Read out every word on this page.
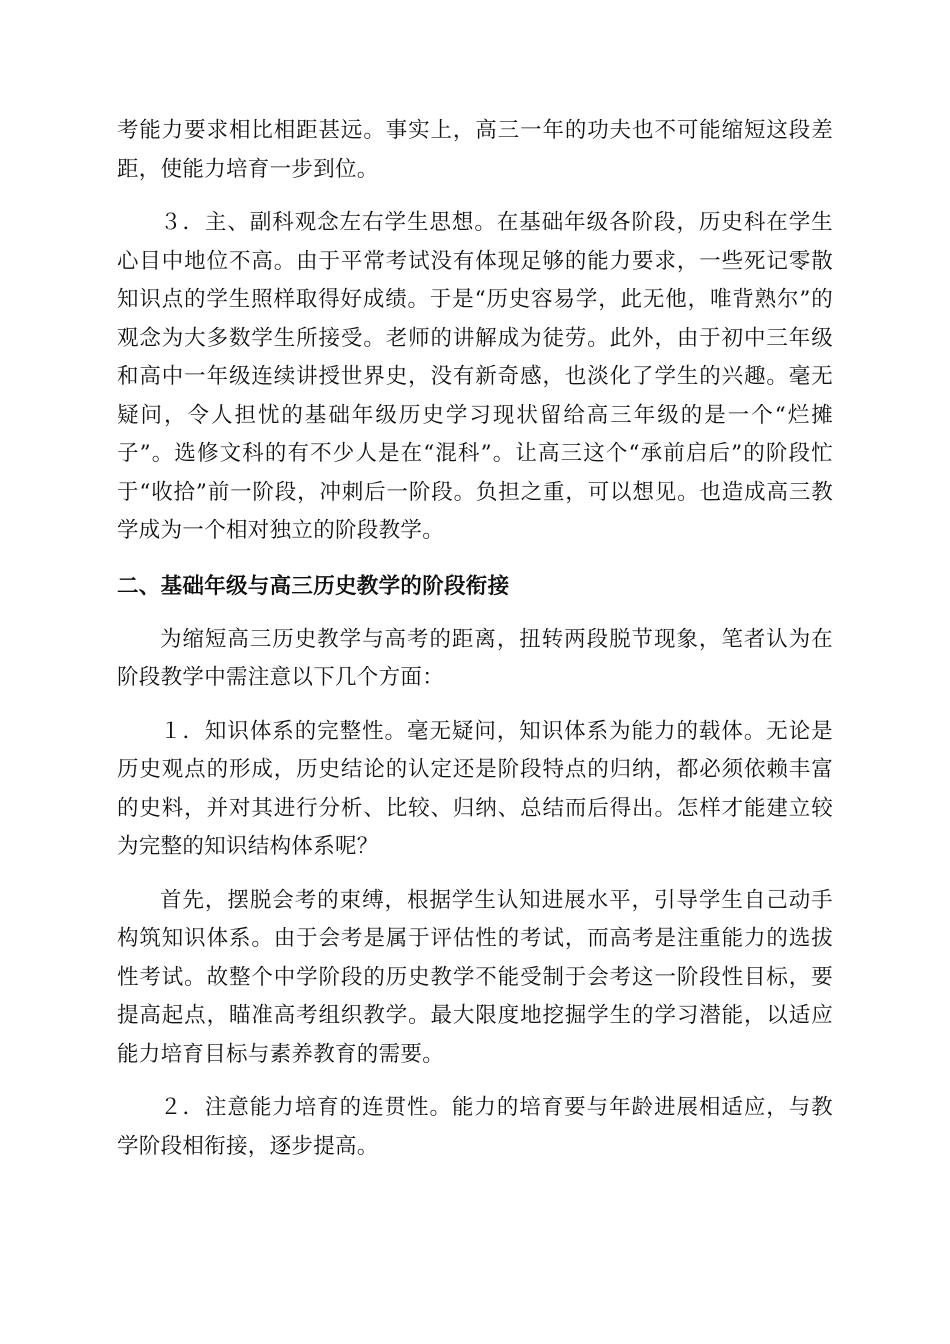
考能力要求相比相距甚远。事实上，高三一年的功夫也不可能缩短这段差距，使能力培育一步到位。

３．主、副科观念左右学生思想。在基础年级各阶段，历史科在学生心目中地位不高。由于平常考试没有体现足够的能力要求，一些死记零散知识点的学生照样取得好成绩。于是“历史容易学，此无他，唯背熟尔”的观念为大多数学生所接受。老师的讲解成为徒劳。此外，由于初中三年级和高中一年级连续讲授世界史，没有新奇感，也淡化了学生的兴趣。毫无疑问，令人担忧的基础年级历史学习现状留给高三年级的是一个“烂摊子”。选修文科的有不少人是在“混科”。让高三这个“承前启后”的阶段忙于“收拾”前一阶段，冲刺后一阶段。负担之重，可以想见。也造成高三教学成为一个相对独立的阶段教学。

二、基础年级与高三历史教学的阶段衔接

为缩短高三历史教学与高考的距离，扭转两段脱节现象，笔者认为在阶段教学中需注意以下几个方面：

１．知识体系的完整性。毫无疑问，知识体系为能力的载体。无论是历史观点的形成，历史结论的认定还是阶段特点的归纳，都必须依赖丰富的史料，并对其进行分析、比较、归纳、总结而后得出。怎样才能建立较为完整的知识结构体系呢？

首先，摆脱会考的束缚，根据学生认知进展水平，引导学生自己动手构筑知识体系。由于会考是属于评估性的考试，而高考是注重能力的选拔性考试。故整个中学阶段的历史教学不能受制于会考这一阶段性目标，要提高起点，瞄准高考组织教学。最大限度地挖掘学生的学习潜能，以适应能力培育目标与素养教育的需要。

２．注意能力培育的连贯性。能力的培育要与年龄进展相适应，与教学阶段相衔接，逐步提高。
